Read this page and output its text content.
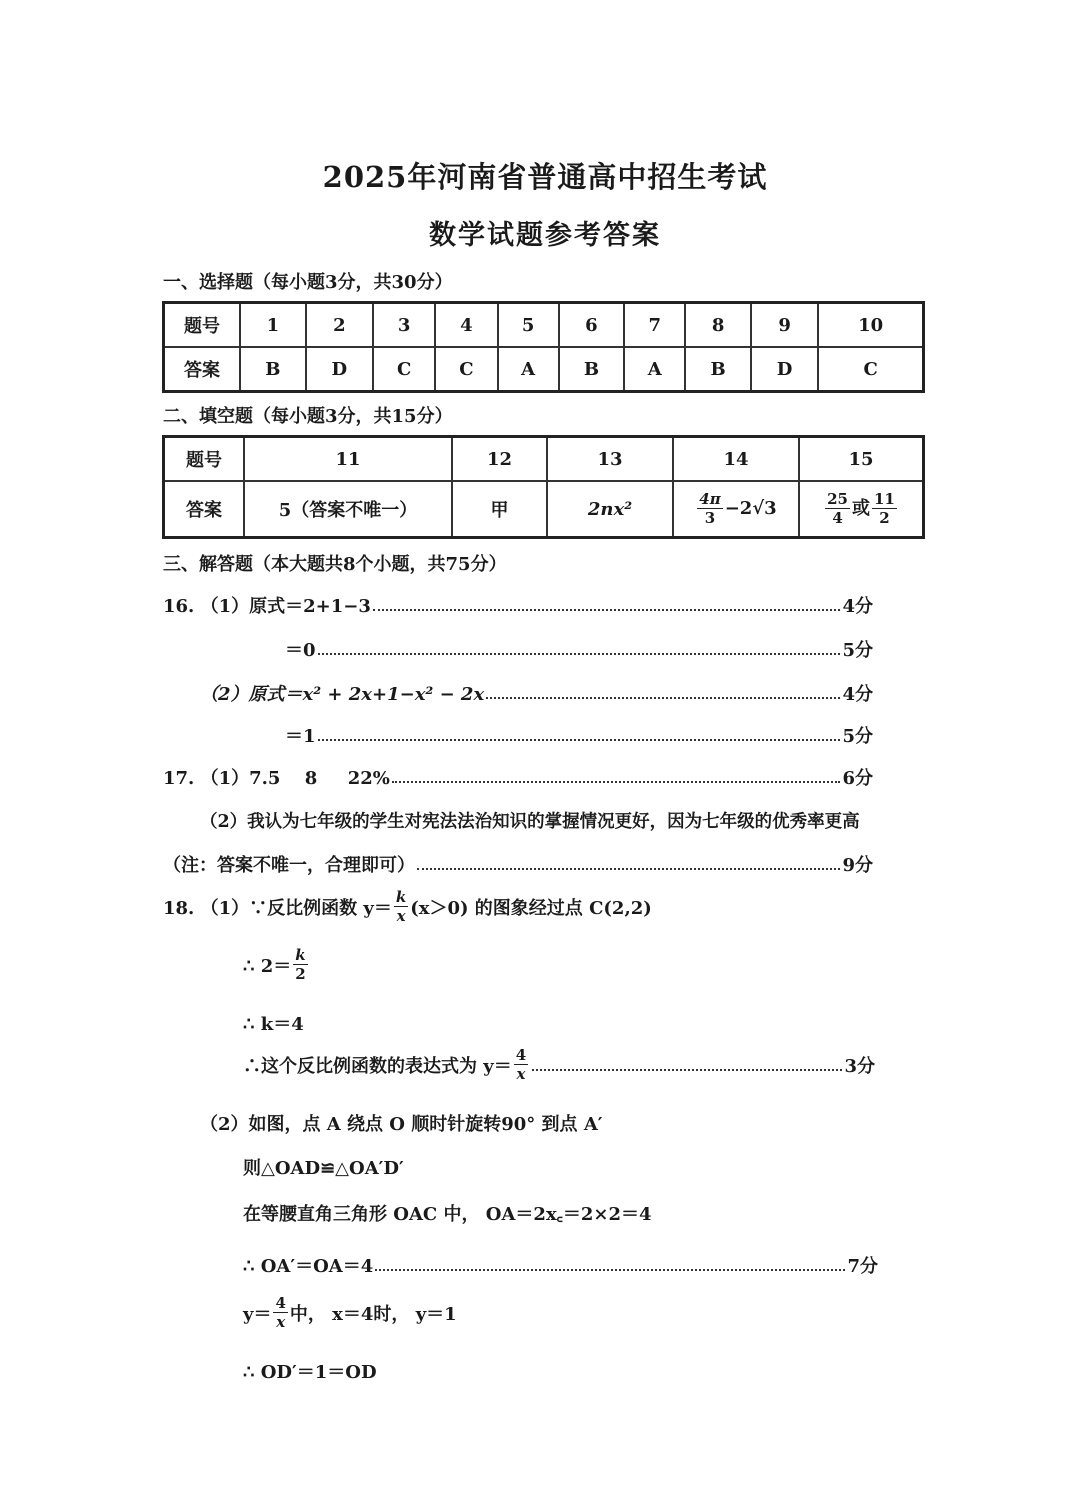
2025年河南省普通高中招生考试
数学试题参考答案
一、选择题（每小题3分，共30分）
题号	1	2	3	4	5	6	7	8	9	10
答案	B	D	C	C	A	B	A	B	D	C
二、填空题（每小题3分，共15分）
题号	11	12	13	14	15
答案	5（答案不唯一）	甲	2nx²	$\frac{4\pi}{3} -2√3$	$\frac{25}{4}$ 或 $\frac{11}{2}$
三、解答题（本大题共8个小题，共75分）
16. （1）原式＝2+1−3	4分
＝0	5分
（2）原式＝x² + 2x+1−x² − 2x	4分
＝1	5分
17. （1）7.5　 8 　 22%	6分
（2）我认为七年级的学生对宪法法治知识的掌握情况更好，因为七年级的优秀率更高
（注：答案不唯一，合理即可）	9分
18. （1）∵反比例函数 $y= \frac{k}{x} (x>0)$ 的图象经过点 C(2,2)
∴ $2= \frac{k}{2}$
∴ k＝4
∴这个反比例函数的表达式为 $y= \frac{4}{x}$	3分
（2）如图，点 A 绕点 O 顺时针旋转90° 到点 A′
则△OAD≌△OA′D′
在等腰直角三角形 OAC 中， OA＝2x꜀＝2×2＝4
∴ OA′＝OA＝4	7分
$y= \frac{4}{x}$ 中， x＝4时， y＝1
∴ OD′＝1＝OD
